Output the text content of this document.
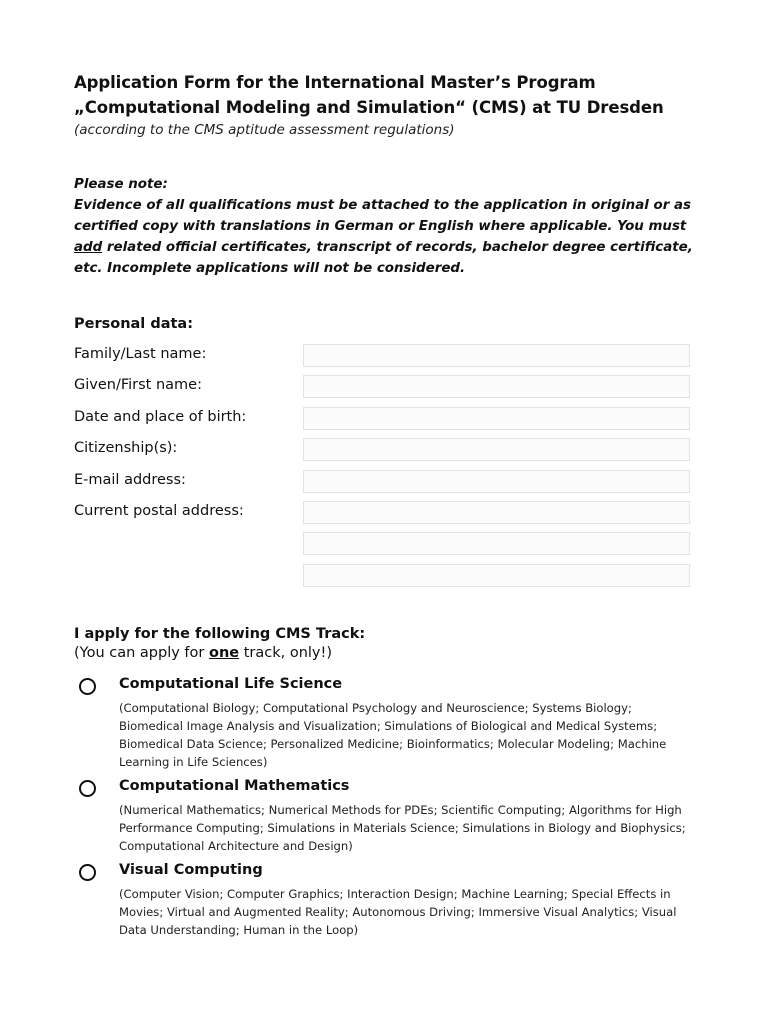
Application Form for the International Master’s Program

„Computational Modeling and Simulation“ (CMS) at TU Dresden

(according to the CMS aptitude assessment regulations)

Please note:
Evidence of all qualifications must be attached to the application in original or as certified copy with translations in German or English where applicable. You must add related official certificates, transcript of records, bachelor degree certificate, etc. Incomplete applications will not be considered.

Personal data:

Family/Last name:
Given/First name:
Date and place of birth:
Citizenship(s):
E-mail address:
Current postal address:

I apply for the following CMS Track:

(You can apply for one track, only!)
Computational Life Science
(Computational Biology; Computational Psychology and Neuroscience; Systems Biology; Biomedical Image Analysis and Visualization; Simulations of Biological and Medical Systems; Biomedical Data Science; Personalized Medicine; Bioinformatics; Molecular Modeling; Machine Learning in Life Sciences)
Computational Mathematics
(Numerical Mathematics; Numerical Methods for PDEs; Scientific Computing; Algorithms for High Performance Computing; Simulations in Materials Science; Simulations in Biology and Biophysics; Computational Architecture and Design)
Visual Computing
(Computer Vision; Computer Graphics; Interaction Design; Machine Learning; Special Effects in Movies; Virtual and Augmented Reality; Autonomous Driving; Immersive Visual Analytics; Visual Data Understanding; Human in the Loop)
